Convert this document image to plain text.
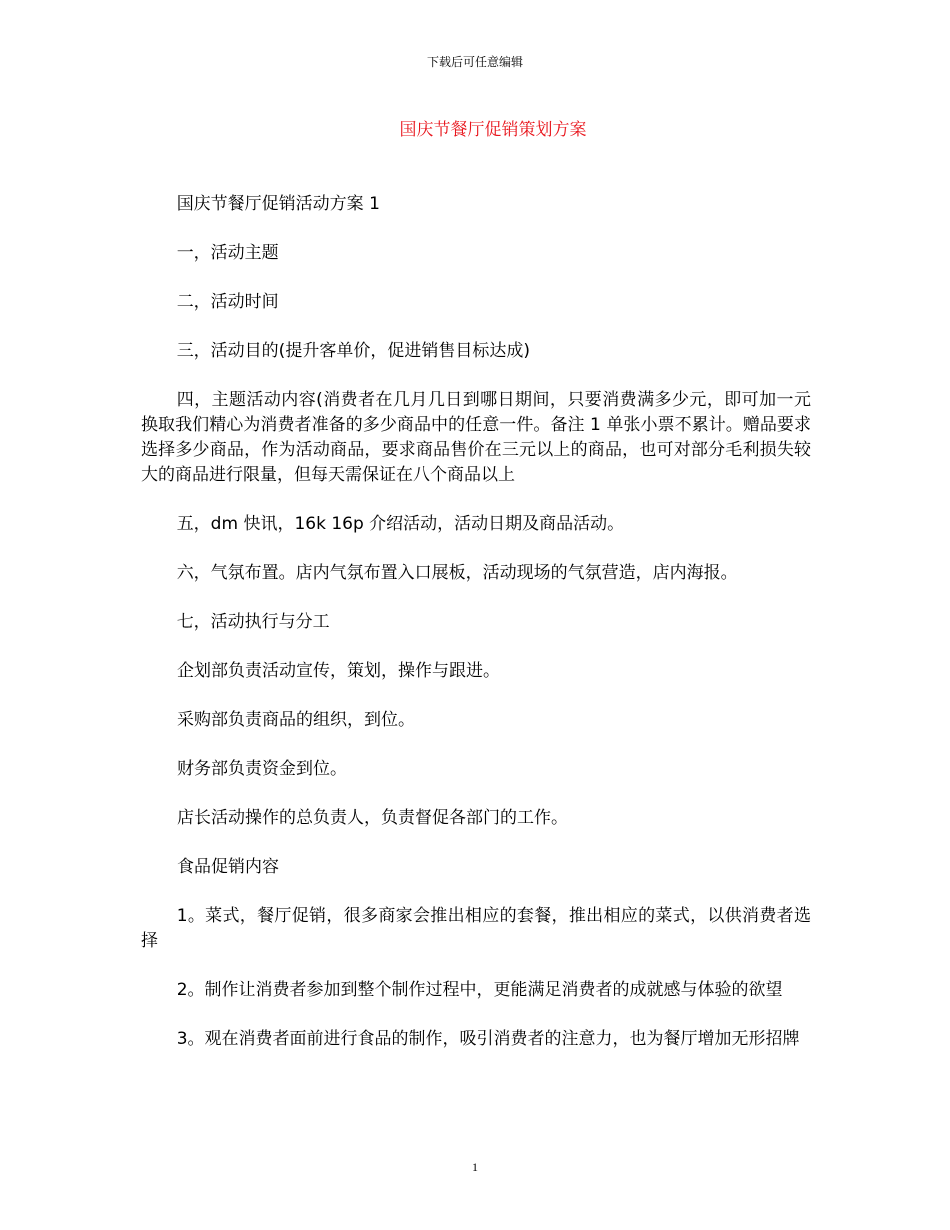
下载后可任意编辑
国庆节餐厅促销策划方案

国庆节餐厅促销活动方案 1

一，活动主题

二，活动时间

三，活动目的(提升客单价，促进销售目标达成)

四，主题活动内容(消费者在几月几日到哪日期间，只要消费满多少元，即可加一元换取我们精心为消费者准备的多少商品中的任意一件。备注 1 单张小票不累计。赠品要求选择多少商品，作为活动商品，要求商品售价在三元以上的商品，也可对部分毛利损失较大的商品进行限量，但每天需保证在八个商品以上

五，dm 快讯，16k 16p 介绍活动，活动日期及商品活动。

六，气氛布置。店内气氛布置入口展板，活动现场的气氛营造，店内海报。

七，活动执行与分工

企划部负责活动宣传，策划，操作与跟进。

采购部负责商品的组织，到位。

财务部负责资金到位。

店长活动操作的总负责人，负责督促各部门的工作。

食品促销内容

1。菜式，餐厅促销，很多商家会推出相应的套餐，推出相应的菜式，以供消费者选择

2。制作让消费者参加到整个制作过程中，更能满足消费者的成就感与体验的欲望

3。观在消费者面前进行食品的制作，吸引消费者的注意力，也为餐厅增加无形招牌

1
